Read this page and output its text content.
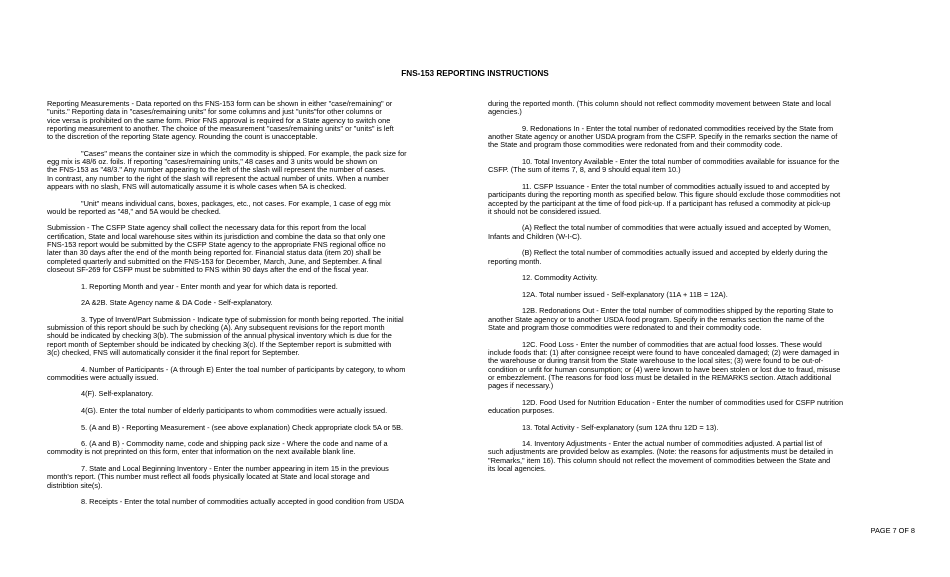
FNS-153 REPORTING INSTRUCTIONS

Reporting Measurements - Data reported on ths FNS-153 form can be shown in either "case/remaining" or
"units." Reporting data in "cases/remaining units" for some columns and just "units"for other columns or
vice versa is prohibited on the same form. Prior FNS approval is required for a State agency to switch one
reporting measurement to another. The choice of the measurement "cases/remaining units" or "units" is left
to the discretion of the reporting State agency. Rounding the count is unacceptable.

"Cases" means the container size in which the commodity is shipped. For example, the pack size for
egg mix is 48/6 oz. foils. If reporting "cases/remaining units," 48 cases and 3 units would be shown on
the FNS-153 as "48/3." Any number appearing to the left of the slash will represent the number of cases.
In contrast, any number to the right of the slash will represent the actual number of units. When a number
appears with no slash, FNS will automatically assume it is whole cases when 5A is checked.

"Unit" means individual cans, boxes, packages, etc., not cases. For example, 1 case of egg mix
would be reported as "48," and 5A would be checked.

Submission - The CSFP State agency shall collect the necessary data for this report from the local
certification, State and local warehouse sites within its jurisdiction and combine the data so that only one
FNS-153 report would be submitted by the CSFP State agency to the appropriate FNS regional office no
later than 30 days after the end of the month being reported for. Financial status data (item 20) shall be
completed quarterly and submitted on the FNS-153 for December, March, June, and September. A final
closeout SF-269 for CSFP must be submitted to FNS within 90 days after the end of the fiscal year.

1. Reporting Month and year - Enter month and year for which data is reported.

2A &2B. State Agency name & DA Code - Self-explanatory.

3. Type of Invent/Part Submission - Indicate type of submission for month being reported. The initial
submission of this report should be such by checking (A). Any subsequent revisions for the report month
should be indicated by checking 3(b). The submission of the annual physical inventory which is due for the
report month of September should be indicated by checking 3(c). If the September report is submitted with
3(c) checked, FNS will automatically consider it the final report for September.

4. Number of Participants - (A through E) Enter the toal number of participants by category, to whom
commodities were actually issued.

4(F). Self-explanatory.

4(G). Enter the total number of elderly participants to whom commodities were actually issued.

5. (A and B) - Reporting Measurement - (see above explanation) Check appropriate clock 5A or 5B.

6. (A and B) - Commodity name, code and shipping pack size - Where the code and name of a
commodity is not preprinted on this form, enter that information on the next available blank line.

7. State and Local Beginning Inventory - Enter the number appearing in item 15 in the previous
month's report. (This number must reflect all foods physically located at State and local storage and
distribtion site(s).

8. Receipts - Enter the total number of commodities actually accepted in good condition from USDA

during the reported month. (This column should not reflect commodity movement between State and local
agencies.)

9. Redonations In - Enter the total number of redonated commodities received by the State from
another State agency or another USDA program from the CSFP. Specify in the remarks section the name of
the State and program those commodities were redonated from and their commodity code.

10. Total Inventory Available - Enter the total number of commodities available for issuance for the
CSFP. (The sum of items 7, 8, and 9 should equal item 10.)

11. CSFP Issuance - Enter the total number of commodities actually issued to and accepted by
participants during the reporting month as specified below. This figure should exclude those commodities not
accepted by the participant at the time of food pick-up. If a participant has refused a commodity at pick-up
it should not be considered issued.

(A) Reflect the total number of commodities that were actually issued and accepted by Women,
Infants and Children (W-I-C).

(B) Reflect the total number of commodities actually issued and accepted by elderly during the
reporting month.

12. Commodity Activity.

12A. Total number issued - Self-explanatory (11A + 11B = 12A).

12B. Redonations Out - Enter the total number of commodities shipped by the reporting State to
another State agency or to another USDA food program. Specify in the remarks section the name of the
State and program those commodities were redonated to and their commodity code.

12C. Food Loss - Enter the number of commodities that are actual food losses. These would
include foods that: (1) after consignee receipt were found to have concealed damaged; (2) were damaged in
the warehouse or during transit from the State warehouse to the local sites; (3) were found to be out-of-
condition or unfit for human consumption; or (4) were known to have been stolen or lost due to fraud, misuse
or embezzlement. (The reasons for food loss must be detailed in the REMARKS section. Attach additional
pages if necessary.)

12D. Food Used for Nutrition Education - Enter the number of commodities used for CSFP nutrition
education purposes.

13. Total Activity - Self-explanatory (sum 12A thru 12D = 13).

14. Inventory Adjustments - Enter the actual number of commodities adjusted. A partial list of
such adjustments are provided below as examples. (Note: the reasons for adjustments must be detailed in
"Remarks," item 16). This column should not reflect the movement of commodities between the State and
its local agencies.

PAGE 7 OF 8
